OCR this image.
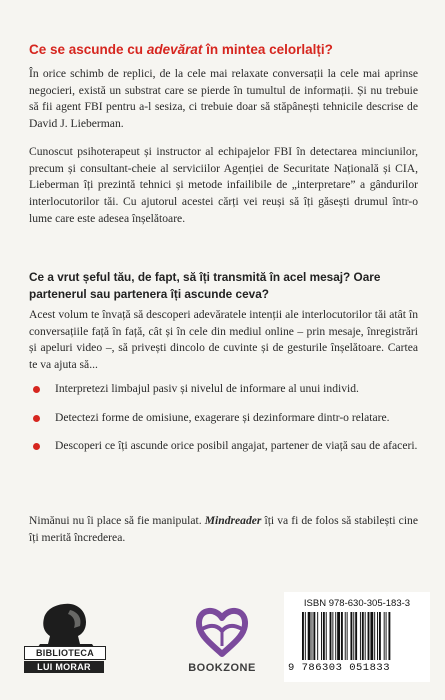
Ce se ascunde cu adevărat în mintea celorlalți?

În orice schimb de replici, de la cele mai relaxate conversații la cele mai aprinse negocieri, există un substrat care se pierde în tumultul de informații. Și nu trebuie să fii agent FBI pentru a-l sesiza, ci trebuie doar să stăpânești tehnicile descrise de David J. Lieberman.

Cunoscut psihoterapeut și instructor al echipajelor FBI în detectarea minciunilor, precum și consultant-cheie al serviciilor Agenției de Securitate Națională și CIA, Lieberman îți prezintă tehnici și metode infailibile de „interpretare” a gândurilor interlocutorilor tăi. Cu ajutorul acestei cărți vei reuși să îți găsești drumul într-o lume care este adesea înșelătoare.

Ce a vrut șeful tău, de fapt, să îți transmită în acel mesaj? Oare partenerul sau partenera îți ascunde ceva?

Acest volum te învață să descoperi adevăratele intenții ale interlocutorilor tăi atât în conversațiile față în față, cât și în cele din mediul online – prin mesaje, înregistrări și apeluri video –, să privești dincolo de cuvinte și de gesturile înșelătoare. Cartea te va ajuta să...

Interpretezi limbajul pasiv și nivelul de informare al unui individ.
Detectezi forme de omisiune, exagerare și dezinformare dintr-o relatare.
Descoperi ce îți ascunde orice posibil angajat, partener de viață sau de afaceri.

Nimănui nu îi place să fie manipulat. Mindreader îți va fi de folos să stabilești cine îți merită încrederea.

BIBLIOTECA
LUI MORAR	BOOKZONE
ISBN 978-630-305-183-3
9 786303 051833
